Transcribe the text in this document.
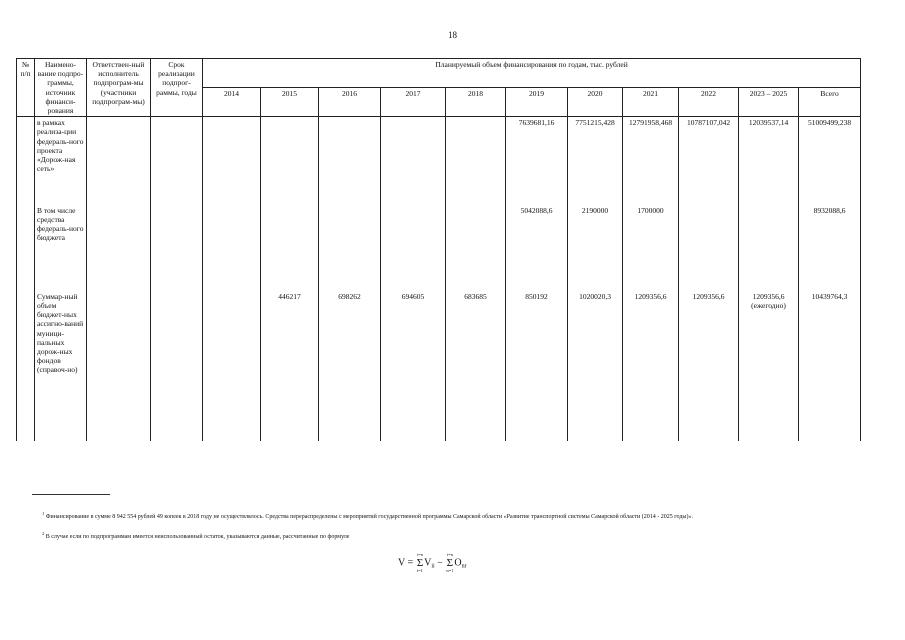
18
№ п/п	Наимено-вание подпро-граммы, источник финанси-рования	Ответствен-ный исполнитель подпрограм-мы (участники подпрограм-мы)	Срок реализации подпрог-раммы, годы	Планируемый объем финансирования по годам, тыс. рублей										
				2014	2015	2016	2017	2018	2019	2020	2021	2022	2023 – 2025	Всего
	в рамках реализа-ции федераль-ного проекта «Дорож-ная сеть»								7639681,16	7751215,428	12791958,468	10787107,042	12039537,14	51009499,238
	В том числе средства федераль-ного бюджета								5042088,6	2190000	1700000			8932088,6
	Суммар-ный объем бюджет-ных ассигно-ваний муници-пальных дорож-ных фондов (справоч-но)				446217	698262	694605	683685	850192	1020020,3	1209356,6	1209356,6	1209356,6 (ежегодно)	10439764,3
$^1$ Финансирование в сумме 8 942 554 рублей 49 копеек в 2018 году не осуществлялось. Средства перераспределены с мероприятий государственной программы Самарской области «Развитие транспортной системы Самарской области (2014 - 2025 годы)».
$^2$ В случае если по подпрограммам имеется неиспользованный остаток, указываются данные, рассчитанные по формуле
V =
i=n
Σ
i=1
$V_{ii}$ −
i=n
Σ
n=1
$O_{nr}$
